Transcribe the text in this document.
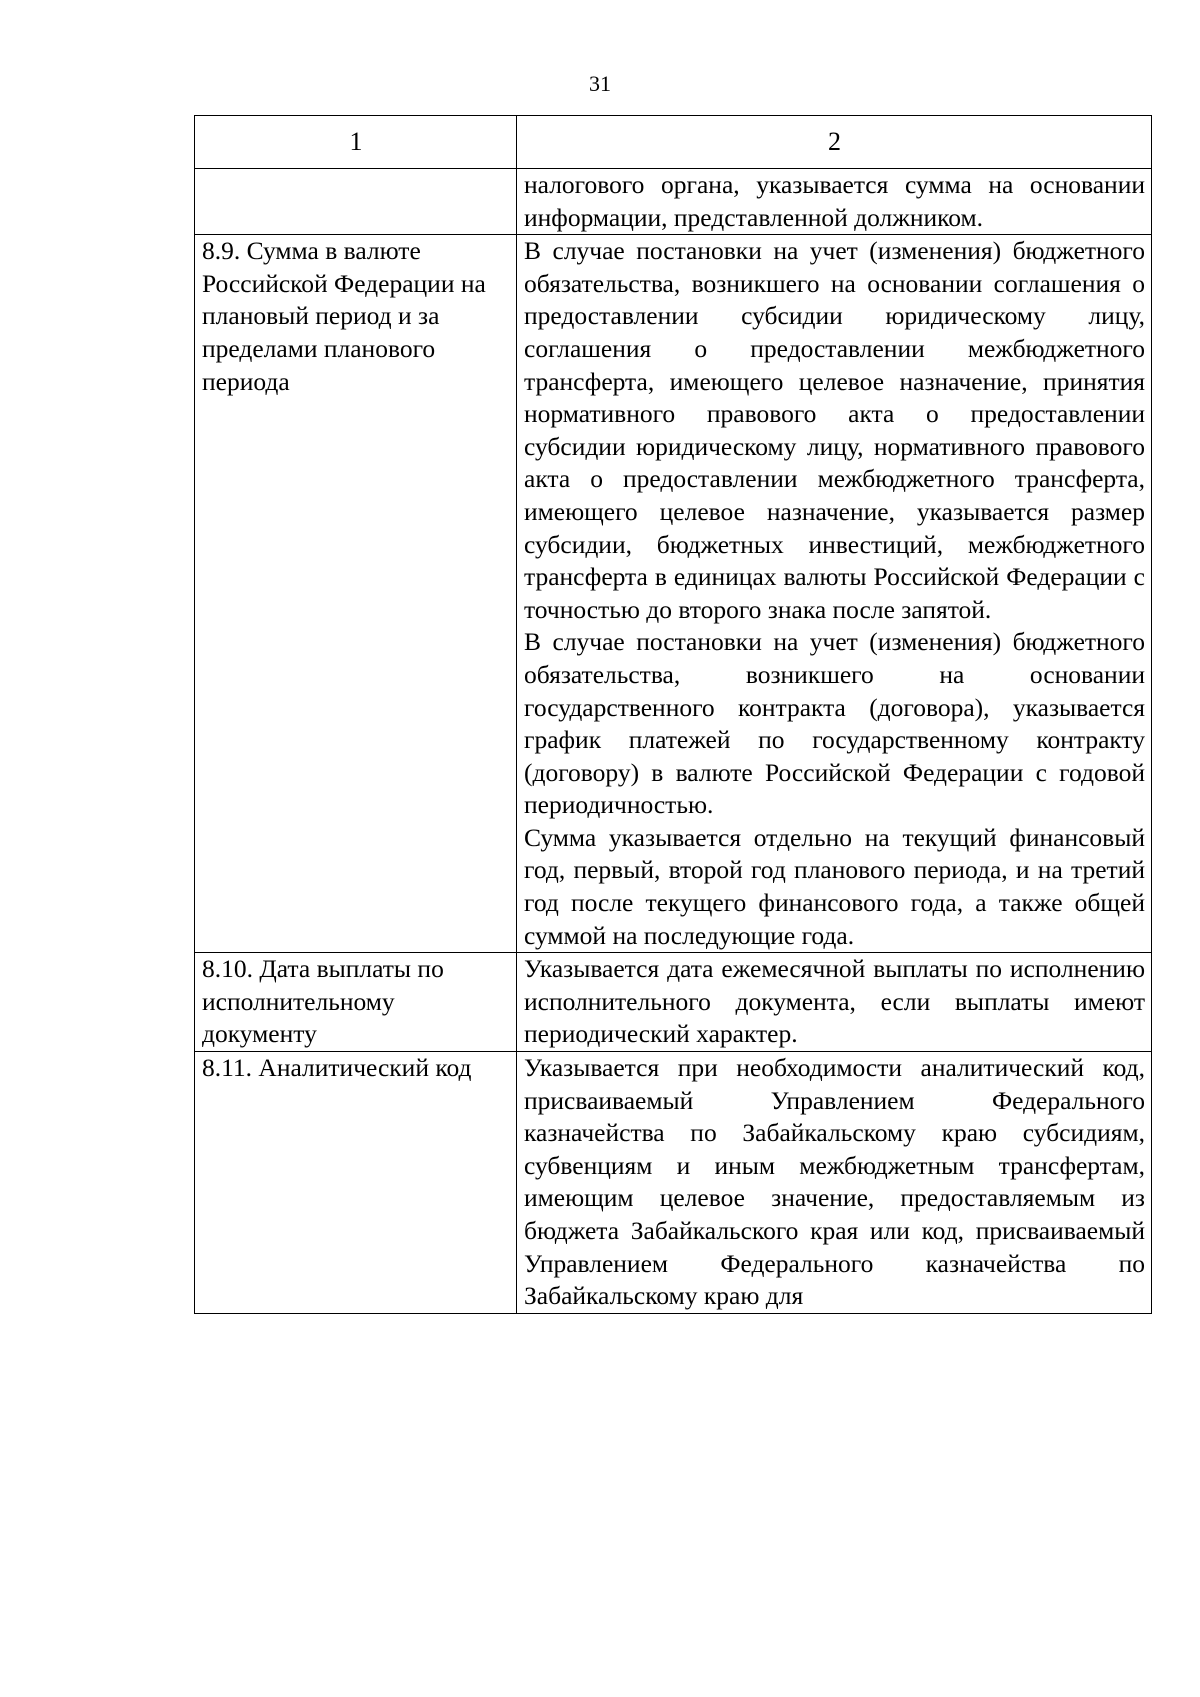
31
1	2

	налогового органа, указывается сумма на основании информации, представленной должником.

8.9. Сумма в валюте Российской Федерации на плановый период и за пределами планового периода	В случае постановки на учет (изменения) бюджетного обязательства, возникшего на основании соглашения о предоставлении субсидии юридическому лицу, соглашения о предоставлении межбюджетного трансферта, имеющего целевое назначение, принятия нормативного правового акта о предоставлении субсидии юридическому лицу, нормативного правового акта о предоставлении межбюджетного трансферта, имеющего целевое назначение, указывается размер субсидии, бюджетных инвестиций, межбюджетного трансферта в единицах валюты Российской Федерации с точностью до второго знака после запятой.

В случае постановки на учет (изменения) бюджетного обязательства, возникшего на основании государственного контракта (договора), указывается график платежей по государственному контракту (договору) в валюте Российской Федерации с годовой периодичностью.

Сумма указывается отдельно на текущий финансовый год, первый, второй год планового периода, и на третий год после текущего финансового года, а также общей суммой на последующие года.

8.10. Дата выплаты по исполнительному документу	Указывается дата ежемесячной выплаты по исполнению исполнительного документа, если выплаты имеют периодический характер.

8.11. Аналитический код	Указывается при необходимости аналитический код, присваиваемый Управлением Федерального казначейства по Забайкальскому краю субсидиям, субвенциям и иным межбюджетным трансфертам, имеющим целевое значение, предоставляемым из бюджета Забайкальского края или код, присваиваемый Управлением Федерального казначейства по Забайкальскому краю для
